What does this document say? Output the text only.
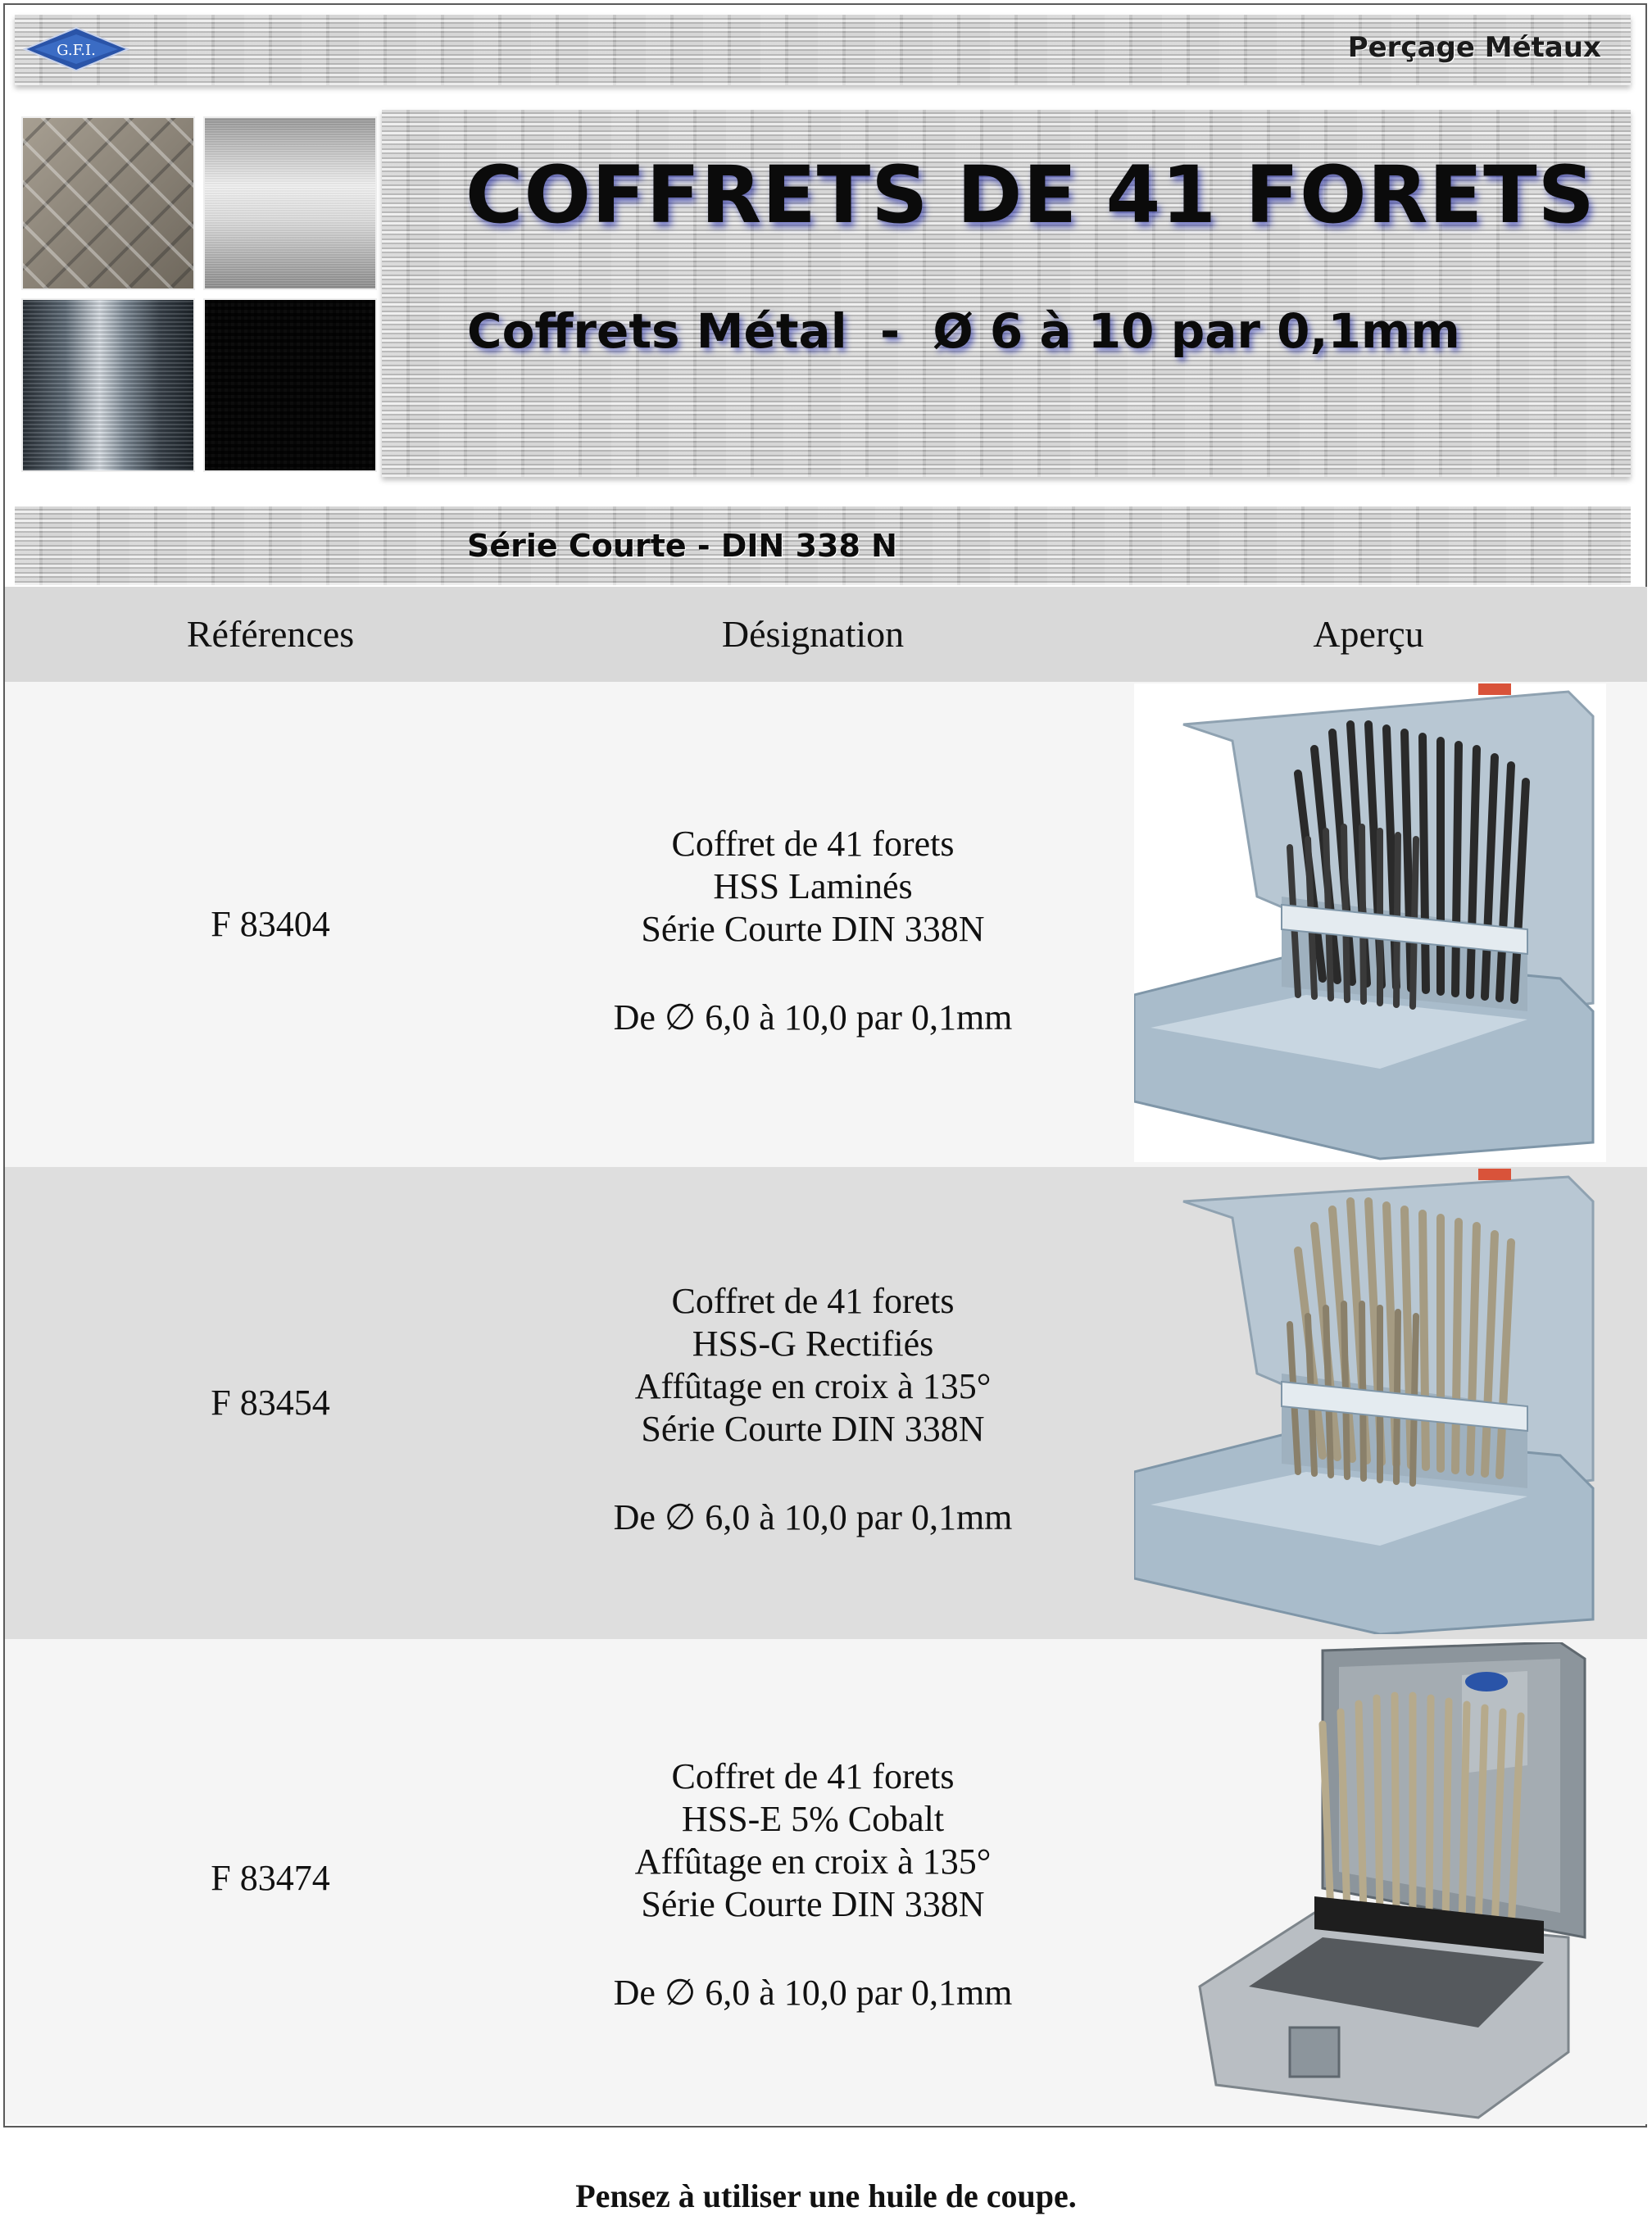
G.F.I.	Perçage Métaux
COFFRETS DE 41 FORETS
Coffrets Métal  -  Ø 6 à 10 par 0,1mm
Série Courte - DIN 338 N
Références	Désignation	Aperçu
F 83404
Coffret de 41 forets
HSS Laminés
Série Courte DIN 338N
De ∅ 6,0 à 10,0 par 0,1mm
F 83454
Coffret de 41 forets
HSS-G Rectifiés
Affûtage en croix à 135°
Série Courte DIN 338N
De ∅ 6,0 à 10,0 par 0,1mm
F 83474
Coffret de 41 forets
HSS-E 5% Cobalt
Affûtage en croix à 135°
Série Courte DIN 338N
De ∅ 6,0 à 10,0 par 0,1mm
Pensez à utiliser une huile de coupe.
